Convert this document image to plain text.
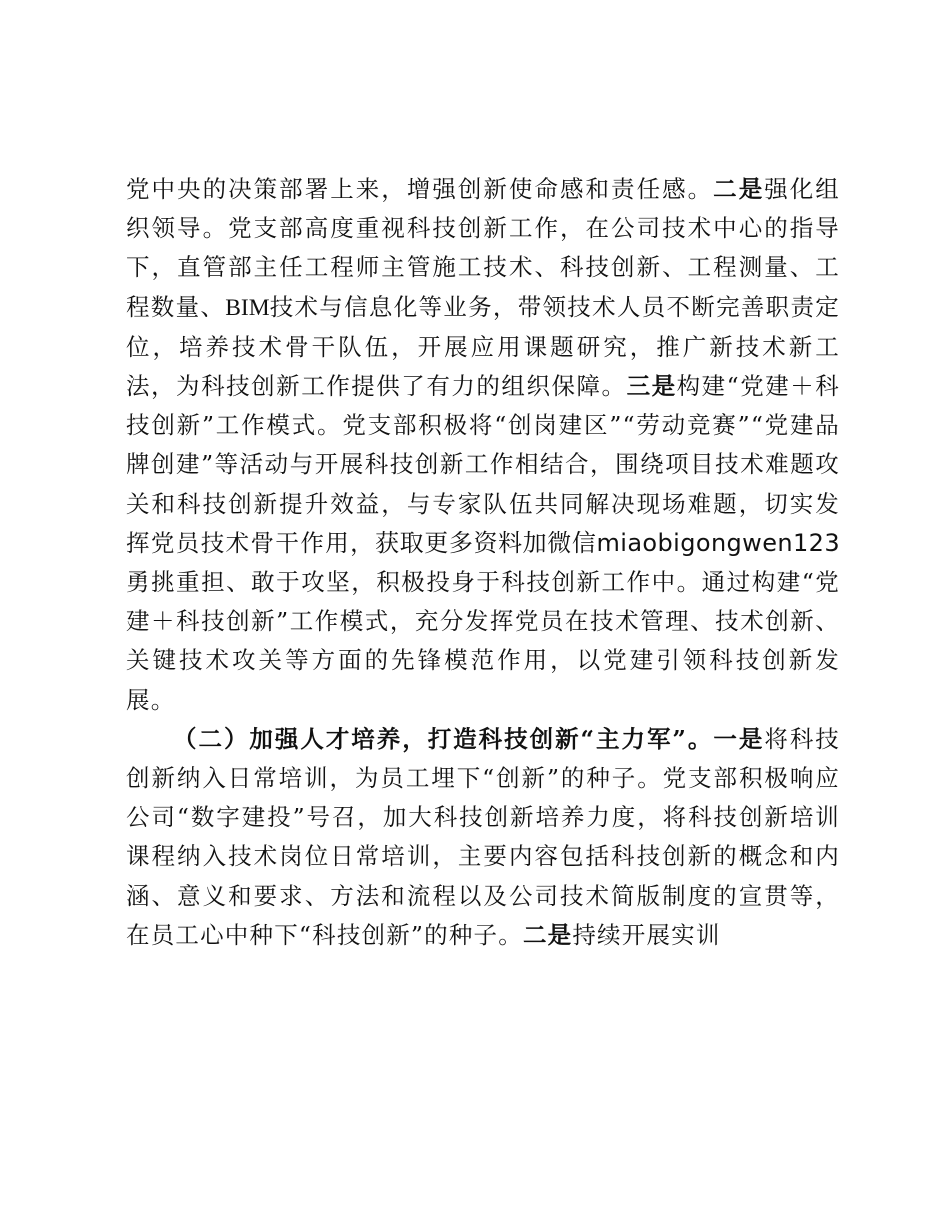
党中央的决策部署上来，增强创新使命感和责任感。二是强化组织领导。党支部高度重视科技创新工作，在公司技术中心的指导下，直管部主任工程师主管施工技术、科技创新、工程测量、工程数量、BIM技术与信息化等业务，带领技术人员不断完善职责定位，培养技术骨干队伍，开展应用课题研究，推广新技术新工法，为科技创新工作提供了有力的组织保障。三是构建“党建＋科技创新”工作模式。党支部积极将“创岗建区”“劳动竞赛”“党建品牌创建”等活动与开展科技创新工作相结合，围绕项目技术难题攻关和科技创新提升效益，与专家队伍共同解决现场难题，切实发挥党员技术骨干作用，获取更多资料加微信miaobigongwen123勇挑重担、敢于攻坚，积极投身于科技创新工作中。通过构建“党建＋科技创新”工作模式，充分发挥党员在技术管理、技术创新、关键技术攻关等方面的先锋模范作用，以党建引领科技创新发展。

（二）加强人才培养，打造科技创新“主力军”。一是将科技创新纳入日常培训，为员工埋下“创新”的种子。党支部积极响应公司“数字建投”号召，加大科技创新培养力度，将科技创新培训课程纳入技术岗位日常培训，主要内容包括科技创新的概念和内涵、意义和要求、方法和流程以及公司技术简版制度的宣贯等，在员工心中种下“科技创新”的种子。二是持续开展实训
